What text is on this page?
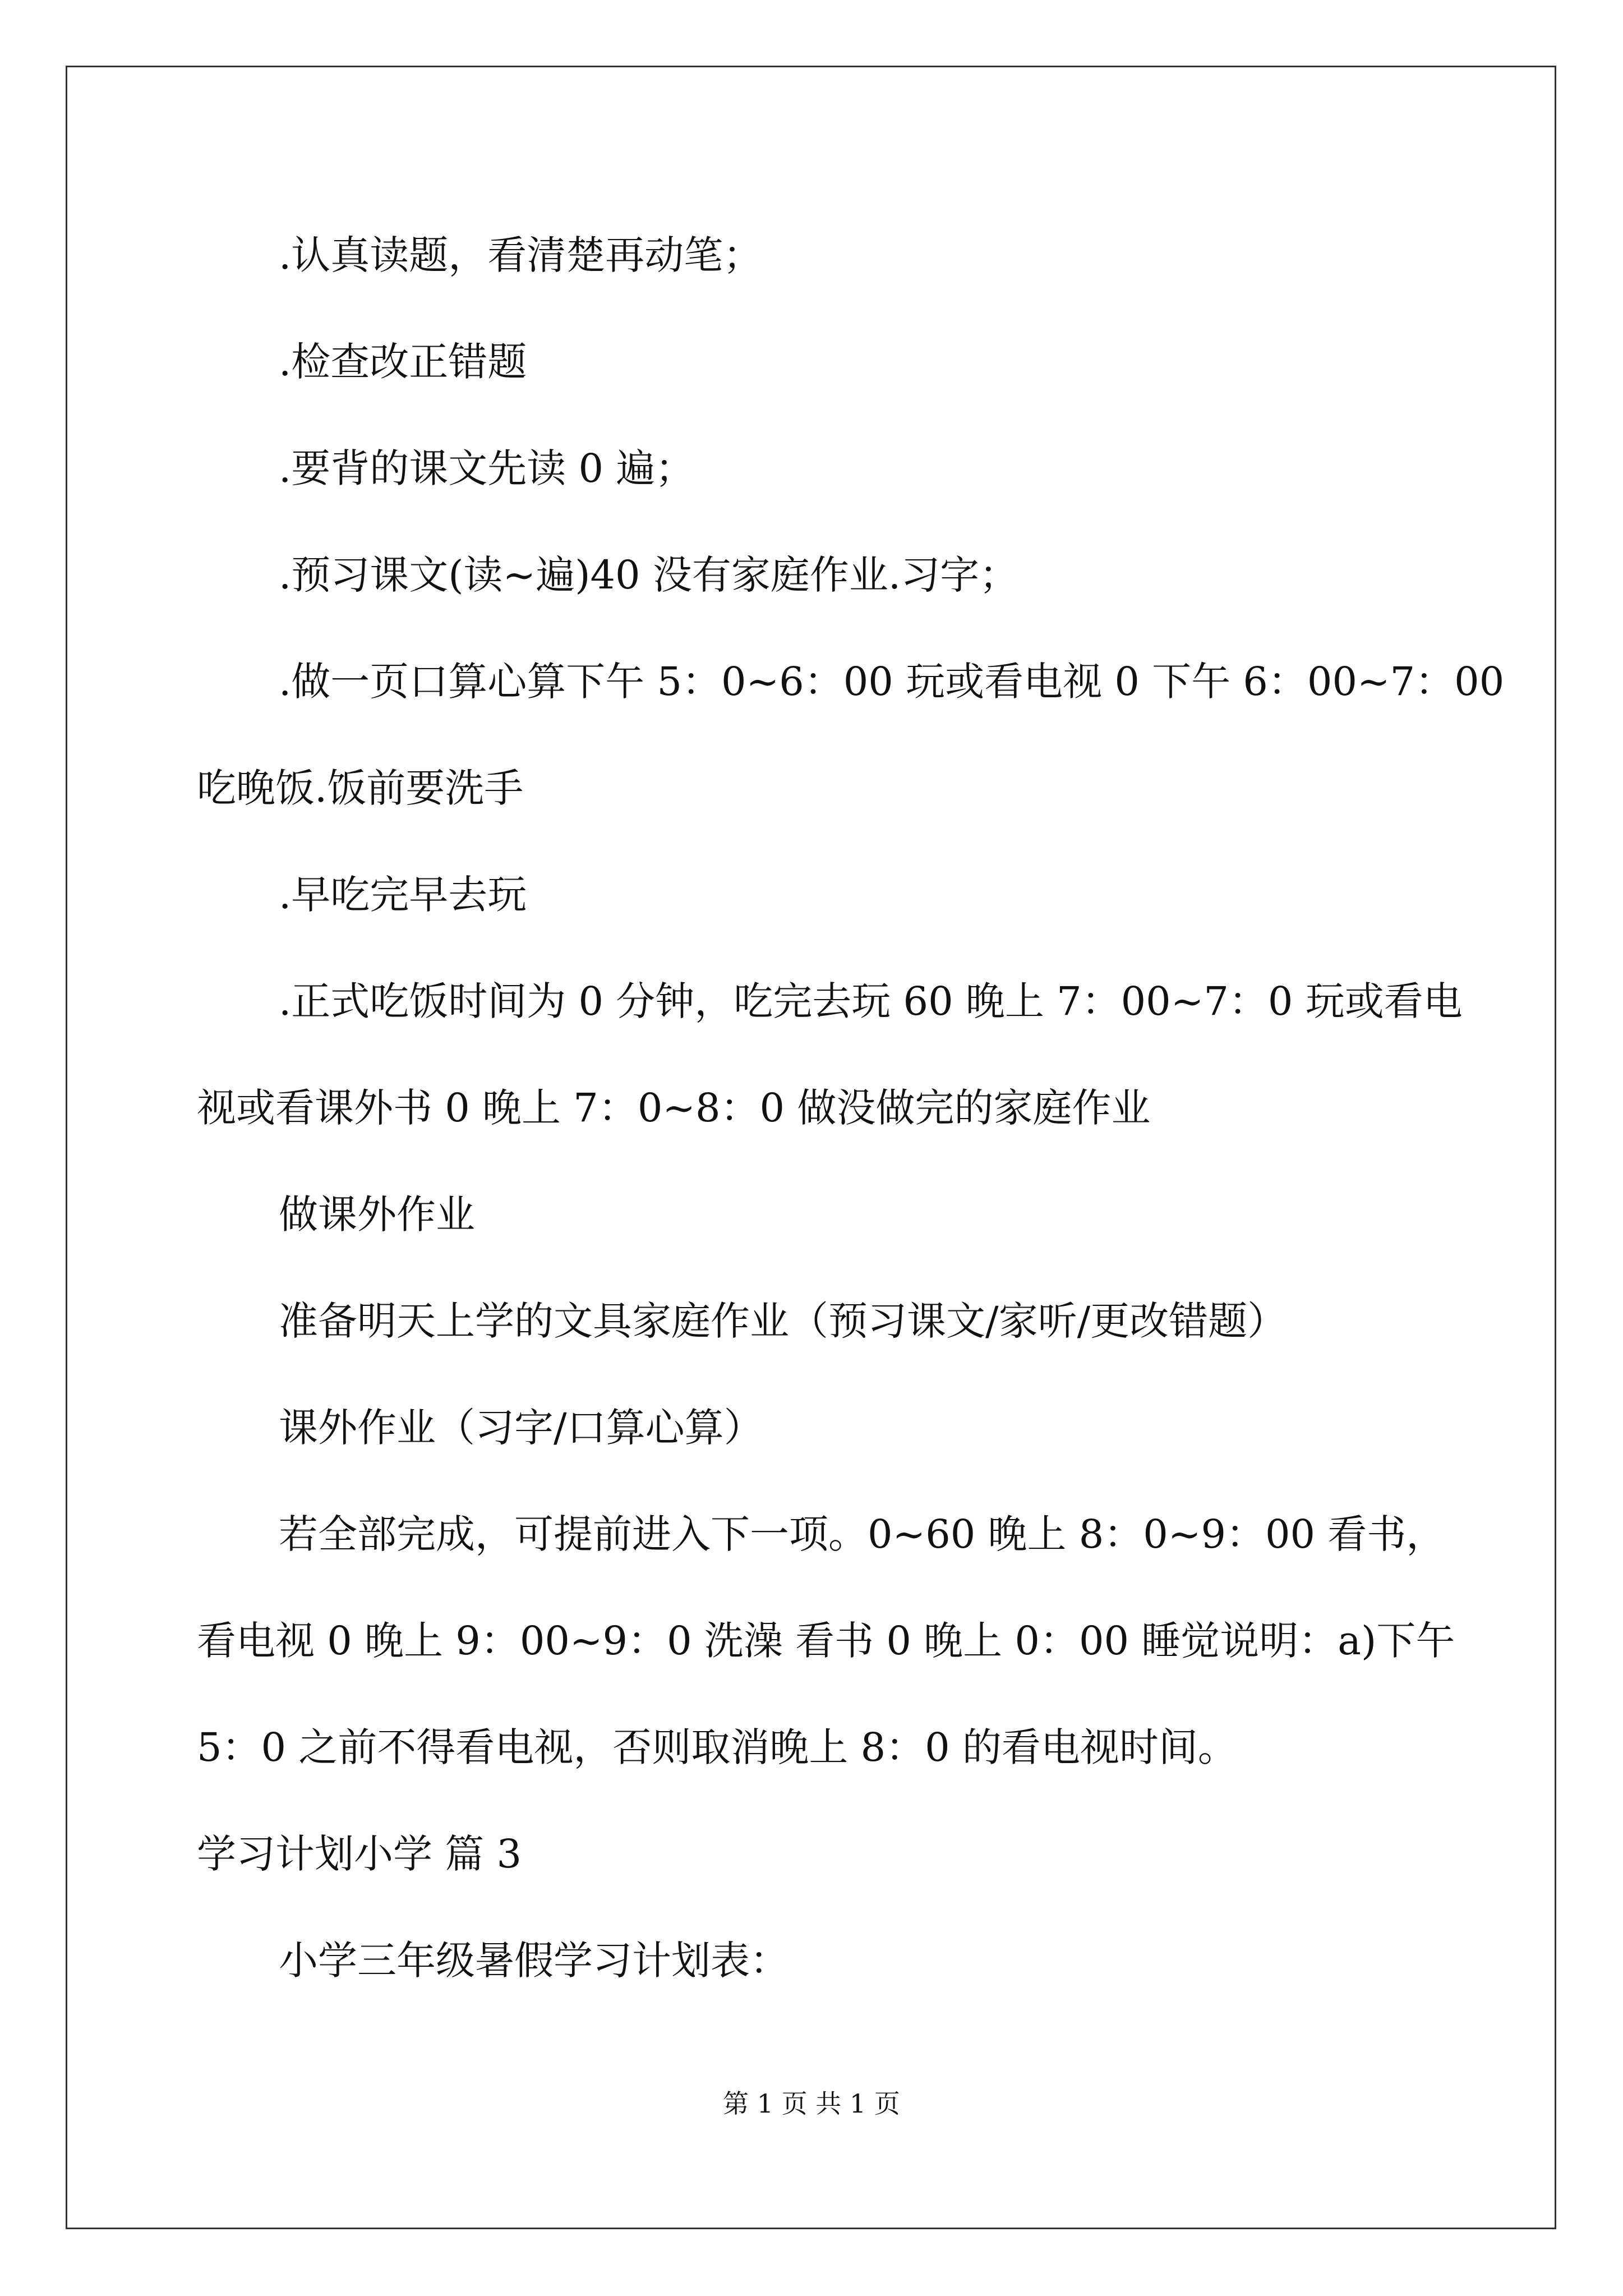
.认真读题，看清楚再动笔；

.检查改正错题

.要背的课文先读 0 遍；

.预习课文(读~遍)40 没有家庭作业.习字；

.做一页口算心算下午 5：0~6：00 玩或看电视 0 下午 6：00~7：00

吃晚饭.饭前要洗手

.早吃完早去玩

.正式吃饭时间为 0 分钟，吃完去玩 60 晚上 7：00~7：0 玩或看电

视或看课外书 0 晚上 7：0~8：0 做没做完的家庭作业

做课外作业

准备明天上学的文具家庭作业（预习课文/家听/更改错题）

课外作业（习字/口算心算）

若全部完成，可提前进入下一项。0~60 晚上 8：0~9：00 看书，

看电视 0 晚上 9：00~9：0 洗澡 看书 0 晚上 0：00 睡觉说明：a)下午

5：0 之前不得看电视，否则取消晚上 8：0 的看电视时间。

学习计划小学 篇 3

小学三年级暑假学习计划表：

第 1 页 共 1 页
